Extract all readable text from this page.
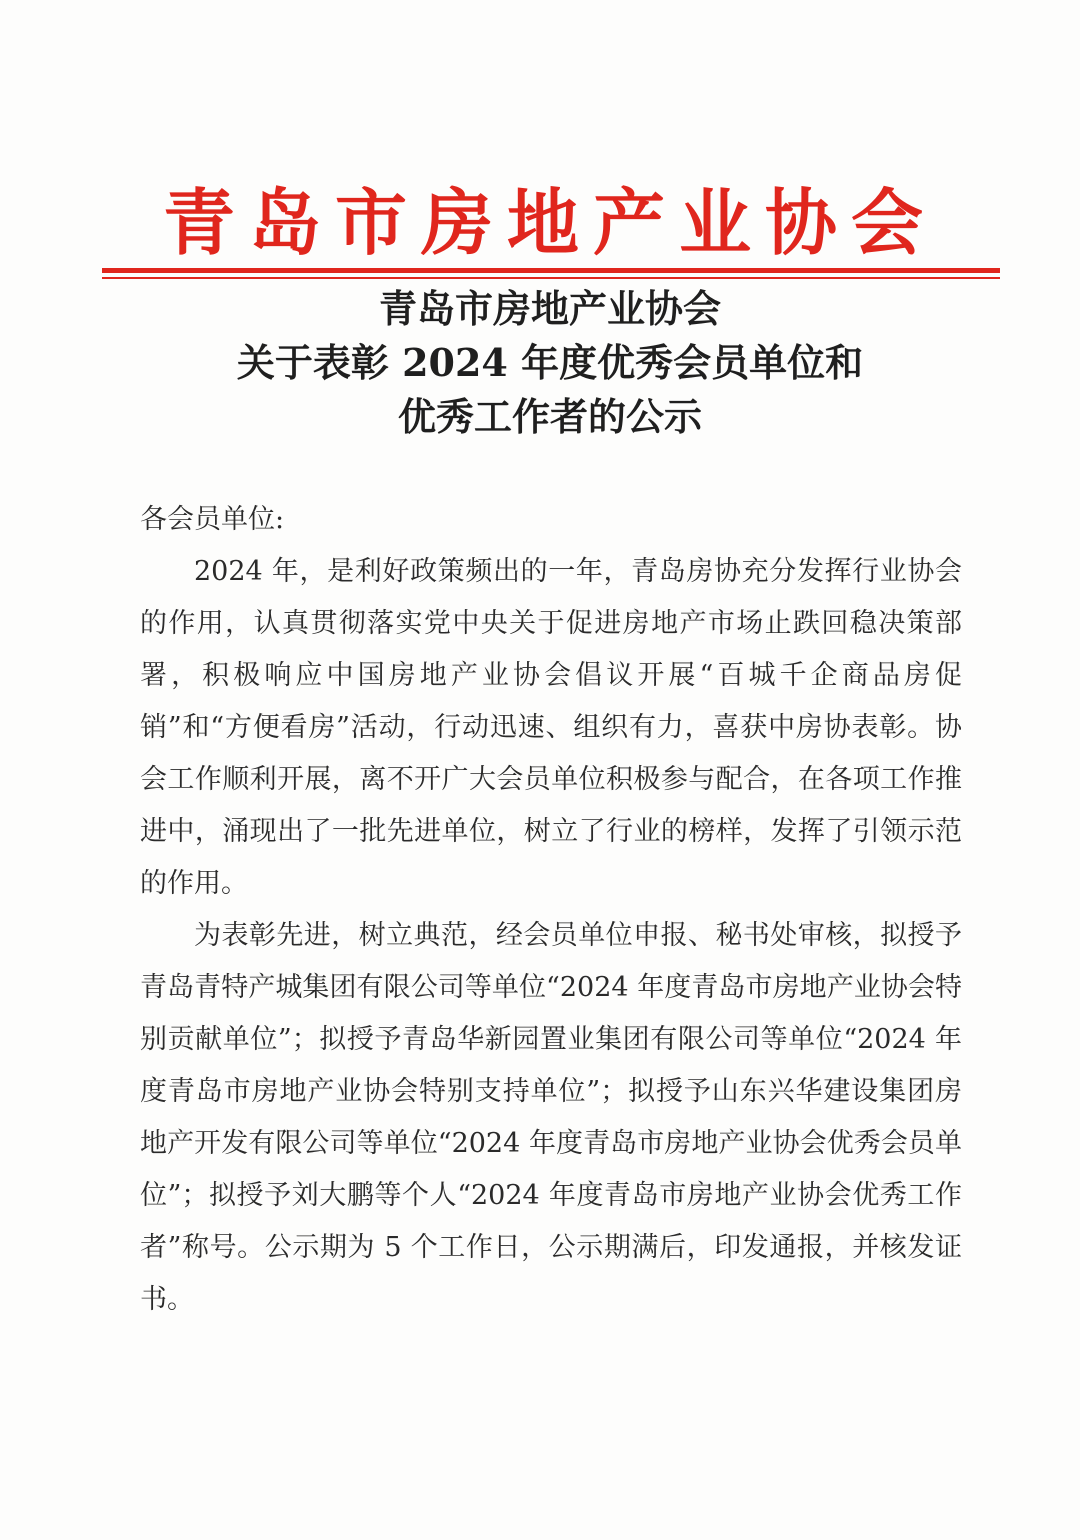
青岛市房地产业协会
青岛市房地产业协会
关于表彰 2024 年度优秀会员单位和
优秀工作者的公示

各会员单位:

2024 年，是利好政策频出的一年，青岛房协充分发挥行业协会的作用，认真贯彻落实党中央关于促进房地产市场止跌回稳决策部署，积极响应中国房地产业协会倡议开展“百城千企商品房促销”和“方便看房”活动，行动迅速、组织有力，喜获中房协表彰。协会工作顺利开展，离不开广大会员单位积极参与配合，在各项工作推进中，涌现出了一批先进单位，树立了行业的榜样，发挥了引领示范的作用。

为表彰先进，树立典范，经会员单位申报、秘书处审核，拟授予青岛青特产城集团有限公司等单位“2024 年度青岛市房地产业协会特别贡献单位”；拟授予青岛华新园置业集团有限公司等单位“2024 年度青岛市房地产业协会特别支持单位”；拟授予山东兴华建设集团房地产开发有限公司等单位“2024 年度青岛市房地产业协会优秀会员单位”；拟授予刘大鹏等个人“2024 年度青岛市房地产业协会优秀工作者”称号。公示期为 5 个工作日，公示期满后，印发通报，并核发证书。
